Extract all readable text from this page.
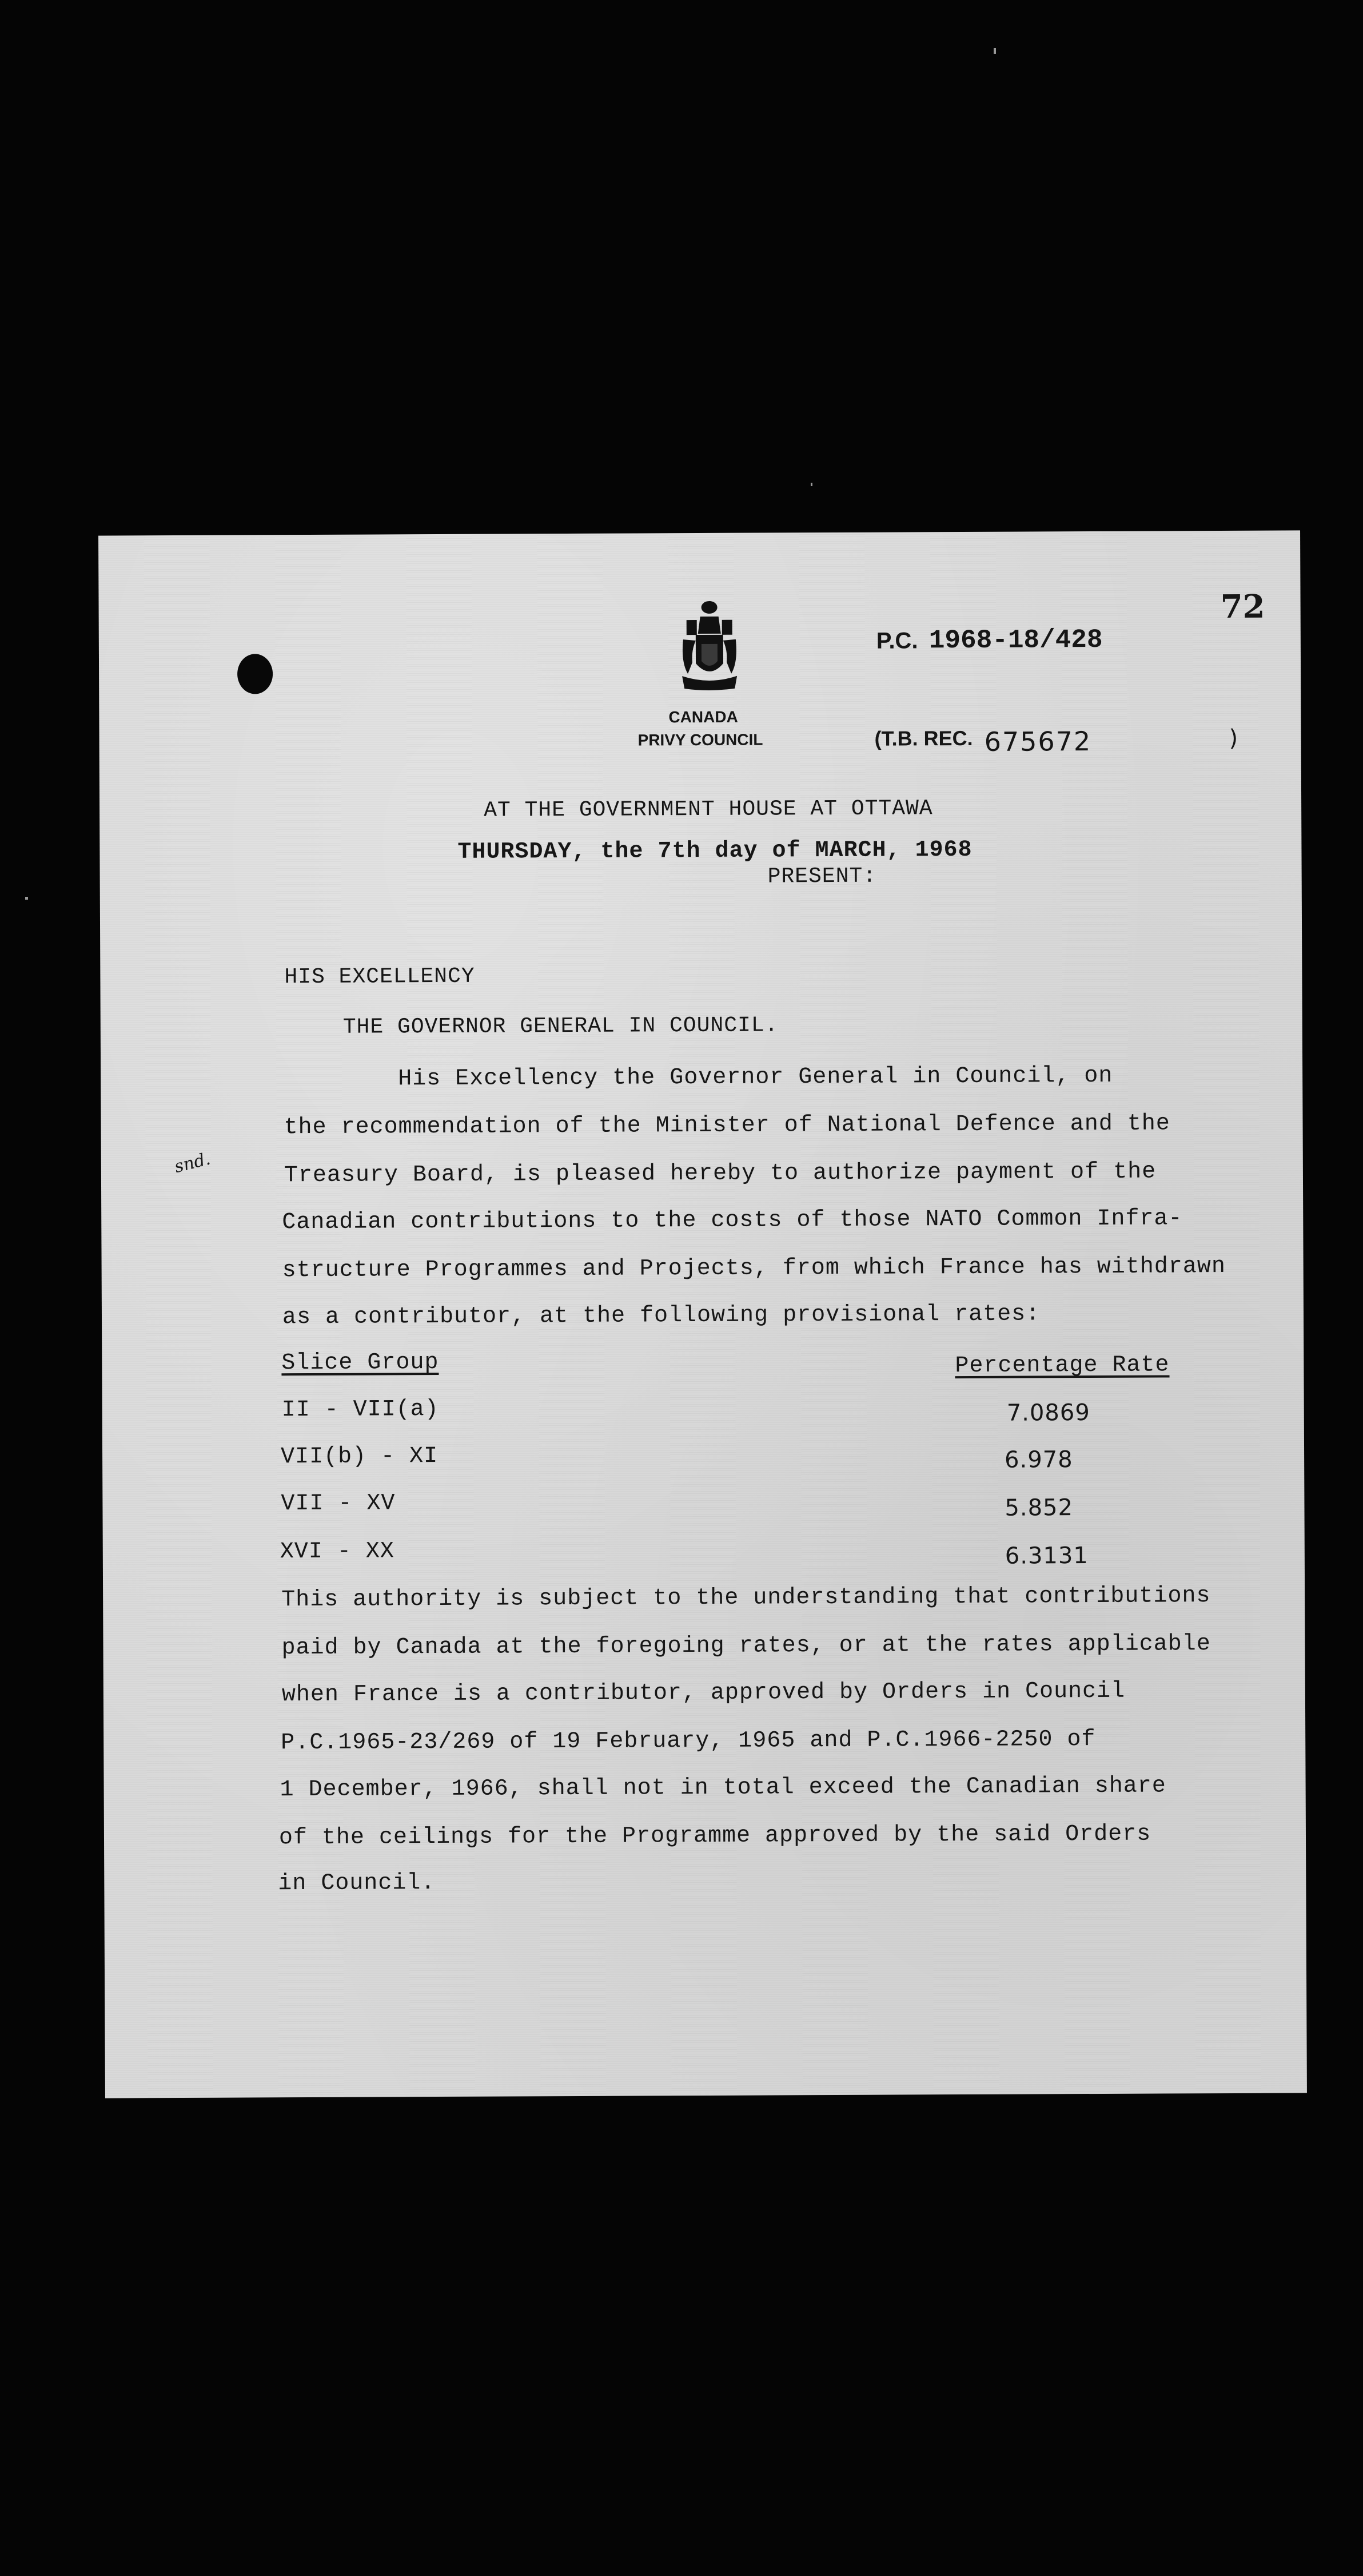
72
CANADA
PRIVY COUNCIL
P.C. 1968-18/428
(T.B. REC. 675672	)
AT THE GOVERNMENT HOUSE AT OTTAWA
THURSDAY, the 7th day of MARCH, 1968
PRESENT:
HIS EXCELLENCY
THE GOVERNOR GENERAL IN COUNCIL.
snd.
His Excellency the Governor General in Council, on
the recommendation of the Minister of National Defence and the
Treasury Board, is pleased hereby to authorize payment of the
Canadian contributions to the costs of those NATO Common Infra-
structure Programmes and Projects, from which France has withdrawn
as a contributor, at the following provisional rates:
Slice Group	Percentage Rate
II - VII(a)	7.0869
VII(b) - XI	6.978
VII - XV	5.852
XVI - XX	6.3131
This authority is subject to the understanding that contributions
paid by Canada at the foregoing rates, or at the rates applicable
when France is a contributor, approved by Orders in Council
P.C.1965-23/269 of 19 February, 1965 and P.C.1966-2250 of
1 December, 1966, shall not in total exceed the Canadian share
of the ceilings for the Programme approved by the said Orders
in Council.
